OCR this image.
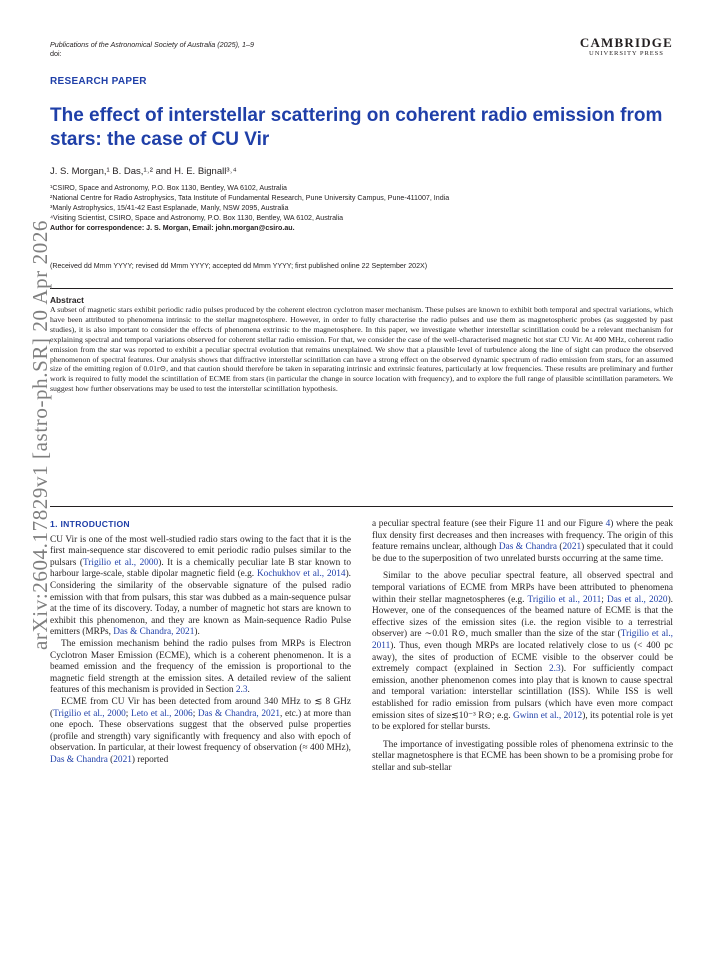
Publications of the Astronomical Society of Australia (2025), 1–9
doi:
CAMBRIDGE
UNIVERSITY PRESS
RESEARCH PAPER
The effect of interstellar scattering on coherent radio emission from stars: the case of CU Vir
J. S. Morgan,¹ B. Das,¹˒² and H. E. Bignall³˒⁴
¹CSIRO, Space and Astronomy, P.O. Box 1130, Bentley, WA 6102, Australia
²National Centre for Radio Astrophysics, Tata Institute of Fundamental Research, Pune University Campus, Pune-411007, India
³Manly Astrophysics, 15/41-42 East Esplanade, Manly, NSW 2095, Australia
⁴Visiting Scientist, CSIRO, Space and Astronomy, P.O. Box 1130, Bentley, WA 6102, Australia
Author for correspondence: J. S. Morgan, Email: john.morgan@csiro.au.
(Received dd Mmm YYYY; revised dd Mmm YYYY; accepted dd Mmm YYYY; first published online 22 September 202X)
Abstract
A subset of magnetic stars exhibit periodic radio pulses produced by the coherent electron cyclotron maser mechanism. These pulses are known to exhibit both temporal and spectral variations, which have been attributed to phenomena intrinsic to the stellar magnetosphere. However, in order to fully characterise the radio pulses and use them as magnetospheric probes (as suggested by past studies), it is also important to consider the effects of phenomena extrinsic to the magnetosphere. In this paper, we investigate whether interstellar scintillation could be a relevant mechanism for explaining spectral and temporal variations observed for coherent stellar radio emission. For that, we consider the case of the well-characterised magnetic hot star CU Vir. At 400 MHz, coherent radio emission from the star was reported to exhibit a peculiar spectral evolution that remains unexplained. We show that a plausible level of turbulence along the line of sight can produce the observed phenomenon of spectral features. Our analysis shows that diffractive interstellar scintillation can have a strong effect on the observed dynamic spectrum of radio emission from stars, for an assumed size of the emitting region of 0.01r⊙, and that caution should therefore be taken in separating intrinsic and extrinsic features, particularly at low frequencies. These results are preliminary and further work is required to fully model the scintillation of ECME from stars (in particular the change in source location with frequency), and to explore the full range of plausible scintillation parameters. We suggest how further observations may be used to test the interstellar scintillation hypothesis.
arXiv:2604.17829v1 [astro-ph.SR] 20 Apr 2026
1. INTRODUCTION

CU Vir is one of the most well-studied radio stars owing to the fact that it is the first main-sequence star discovered to emit periodic radio pulses similar to the pulsars (Trigilio et al., 2000). It is a chemically peculiar late B star known to harbour large-scale, stable dipolar magnetic field (e.g. Kochukhov et al., 2014). Considering the similarity of the observable signature of the pulsed radio emission with that from pulsars, this star was dubbed as a main-sequence pulsar at the time of its discovery. Today, a number of magnetic hot stars are known to exhibit this phenomenon, and they are known as Main-sequence Radio Pulse emitters (MRPs, Das & Chandra, 2021).

The emission mechanism behind the radio pulses from MRPs is Electron Cyclotron Maser Emission (ECME), which is a coherent phenomenon. It is a beamed emission and the frequency of the emission is proportional to the magnetic field strength at the emission sites. A detailed review of the salient features of this mechanism is provided in Section 2.3.

ECME from CU Vir has been detected from around 340 MHz to ≲ 8 GHz (Trigilio et al., 2000; Leto et al., 2006; Das & Chandra, 2021, etc.) at more than one epoch. These observations suggest that the observed pulse properties (profile and strength) vary significantly with frequency and also with epoch of observation. In particular, at their lowest frequency of observation (≈ 400 MHz), Das & Chandra (2021) reported

a peculiar spectral feature (see their Figure 11 and our Figure 4) where the peak flux density first decreases and then increases with frequency. The origin of this feature remains unclear, although Das & Chandra (2021) speculated that it could be due to the superposition of two unrelated bursts occurring at the same time.

Similar to the above peculiar spectral feature, all observed spectral and temporal variations of ECME from MRPs have been attributed to phenomena within their stellar magnetospheres (e.g. Trigilio et al., 2011; Das et al., 2020). However, one of the consequences of the beamed nature of ECME is that the effective sizes of the emission sites (i.e. the region visible to a terrestrial observer) are ∼0.01 R⊙, much smaller than the size of the star (Trigilio et al., 2011). Thus, even though MRPs are located relatively close to us (< 400 pc away), the sites of production of ECME visible to the observer could be extremely compact (explained in Section 2.3). For sufficiently compact emission, another phenomenon comes into play that is known to cause spectral and temporal variation: interstellar scintillation (ISS). While ISS is well established for radio emission from pulsars (which have even more compact emission sites of size≲10⁻³ R⊙; e.g. Gwinn et al., 2012), its potential role is yet to be explored for stellar bursts.

The importance of investigating possible roles of phenomena extrinsic to the stellar magnetosphere is that ECME has been shown to be a promising probe for stellar and sub-stellar
